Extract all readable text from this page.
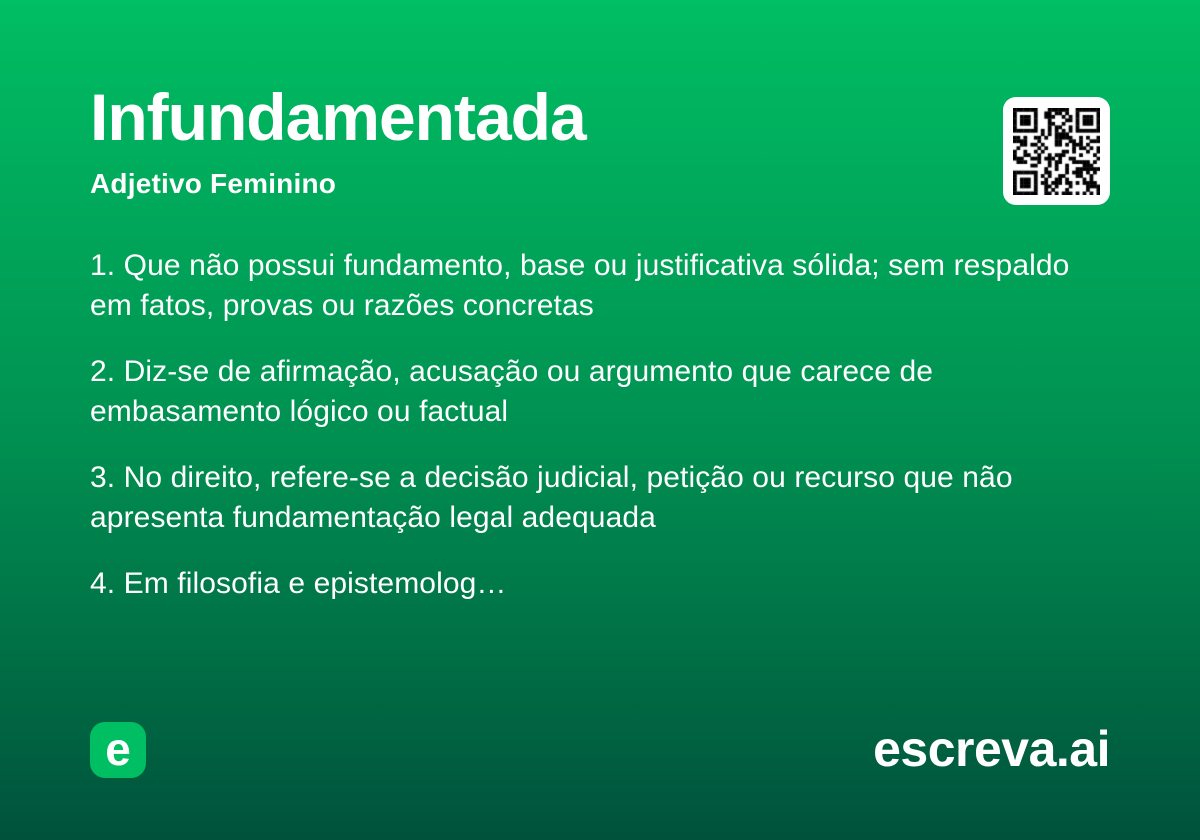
Infundamentada
Adjetivo Feminino

1. Que não possui fundamento, base ou justificativa sólida; sem respaldo em fatos, provas ou razões concretas

2. Diz-se de afirmação, acusação ou argumento que carece de embasamento lógico ou factual

3. No direito, refere-se a decisão judicial, petição ou recurso que não apresenta fundamentação legal adequada

4. Em filosofia e epistemolog…

e	escreva.ai
